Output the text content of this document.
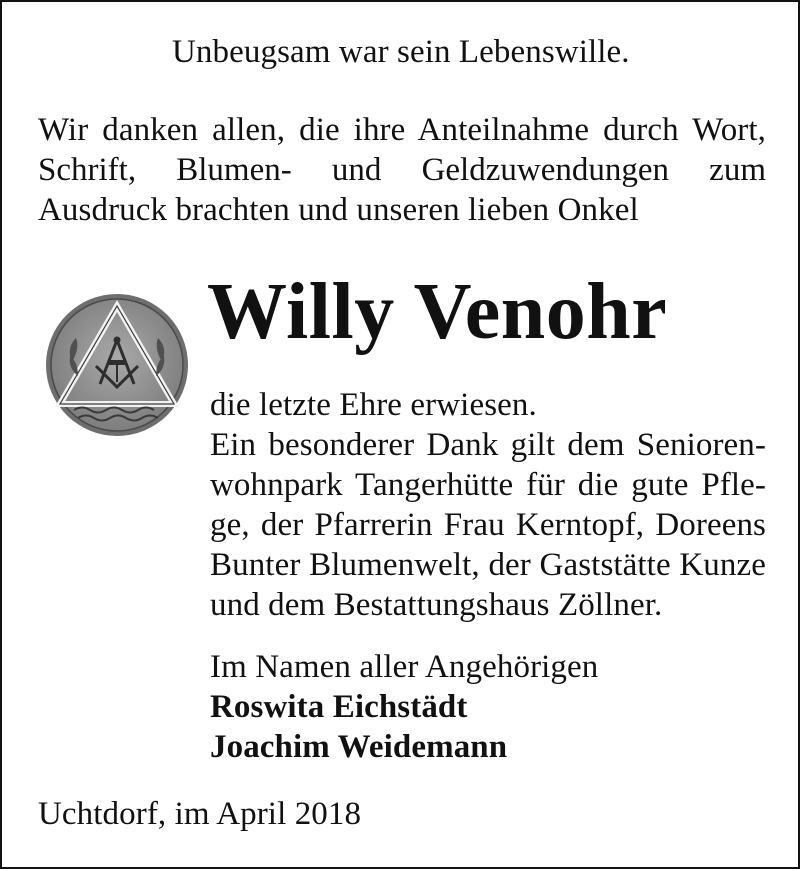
Unbeugsam war sein Lebenswille.
Wir danken allen, die ihre Anteilnahme durch Wort,
Schrift, Blumen- und Geldzuwendungen zum
Ausdruck brachten und unseren lieben Onkel
Willy Venohr
die letzte Ehre erwiesen.
Ein besonderer Dank gilt dem Senioren-
wohnpark Tangerhütte für die gute Pfle-
ge, der Pfarrerin Frau Kerntopf, Doreens
Bunter Blumenwelt, der Gaststätte Kunze
und dem Bestattungshaus Zöllner.
Im Namen aller Angehörigen
Roswita Eichstädt
Joachim Weidemann
Uchtdorf, im April 2018
